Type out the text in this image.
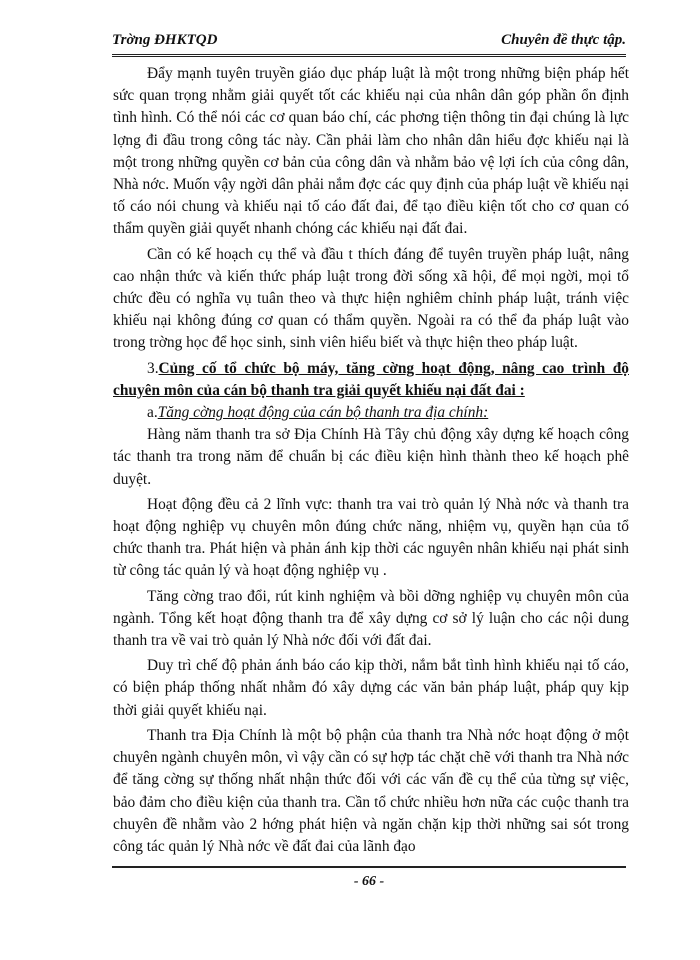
Trờng ĐHKTQD	Chuyên đề thực tập.

Đẩy mạnh tuyên truyền giáo dục pháp luật là một trong những biện pháp hết sức quan trọng nhằm giải quyết tốt các khiếu nại của nhân dân góp phần ổn định tình hình. Có thể nói các cơ quan báo chí, các phơng tiện thông tin đại chúng là lực lợng đi đầu trong công tác này. Cần phải làm cho nhân dân hiểu đợc khiếu nại là một trong những quyền cơ bản của công dân và nhằm bảo vệ lợi ích của công dân, Nhà nớc. Muốn vậy ngời dân phải nắm đợc các quy định của pháp luật về khiếu nại tố cáo nói chung và khiếu nại tố cáo đất đai, để tạo điều kiện tốt cho cơ quan có thẩm quyền giải quyết nhanh chóng các khiếu nại đất đai.

Cần có kế hoạch cụ thể và đầu t thích đáng để tuyên truyền pháp luật, nâng cao nhận thức và kiến thức pháp luật trong đời sống xã hội, để mọi ngời, mọi tổ chức đều có nghĩa vụ tuân theo và thực hiện nghiêm chỉnh pháp luật, tránh việc khiếu nại không đúng cơ quan có thẩm quyền. Ngoài ra có thể đa pháp luật vào trong trờng học để học sinh, sinh viên hiểu biết và thực hiện theo pháp luật.

3.Củng cố tổ chức bộ máy, tăng cờng hoạt động, nâng cao trình độ chuyên môn của cán bộ thanh tra giải quyết khiếu nại đất đai :

a.Tăng cờng hoạt động của cán bộ thanh tra địa chính:

Hàng năm thanh tra sở Địa Chính Hà Tây chủ động xây dựng kế hoạch công tác thanh tra trong năm để chuẩn bị các điều kiện hình thành theo kế hoạch phê duyệt.

Hoạt động đều cả 2 lĩnh vực: thanh tra vai trò quản lý Nhà nớc và thanh tra hoạt động nghiệp vụ chuyên môn đúng chức năng, nhiệm vụ, quyền hạn của tổ chức thanh tra. Phát hiện và phản ánh kịp thời các nguyên nhân khiếu nại phát sinh từ công tác quản lý và hoạt động nghiệp vụ .

Tăng cờng trao đổi, rút kinh nghiệm và bồi dỡng nghiệp vụ chuyên môn của ngành. Tổng kết hoạt động thanh tra để xây dựng cơ sở lý luận cho các nội dung thanh tra về vai trò quản lý Nhà nớc đối với đất đai.

Duy trì chế độ phản ánh báo cáo kịp thời, nắm bắt tình hình khiếu nại tố cáo, có biện pháp thống nhất nhằm đó xây dựng các văn bản pháp luật, pháp quy kịp thời giải quyết khiếu nại.

Thanh tra Địa Chính là một bộ phận của thanh tra Nhà nớc hoạt động ở một chuyên ngành chuyên môn, vì vậy cần có sự hợp tác chặt chẽ với thanh tra Nhà nớc để tăng cờng sự thống nhất nhận thức đối với các vấn đề cụ thể của từng sự việc, bảo đảm cho điều kiện của thanh tra. Cần tổ chức nhiều hơn nữa các cuộc thanh tra chuyên đề nhằm vào 2 hớng phát hiện và ngăn chặn kịp thời những sai sót trong công tác quản lý Nhà nớc về đất đai của lãnh đạo

- 66 -
